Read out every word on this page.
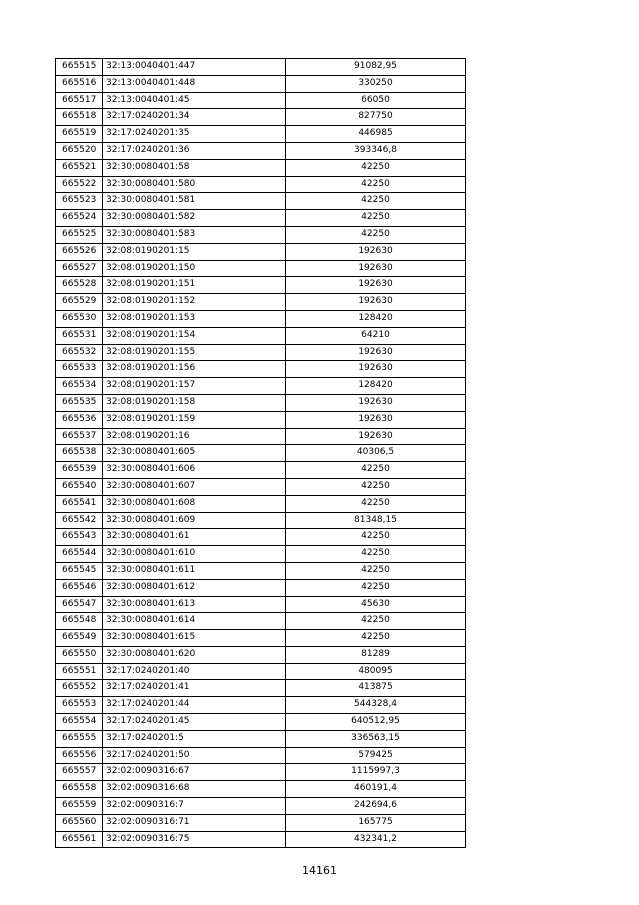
665515	32:13:0040401:447	91082,95
665516	32:13:0040401:448	330250
665517	32:13:0040401:45	66050
665518	32:17:0240201:34	827750
665519	32:17:0240201:35	446985
665520	32:17:0240201:36	393346,8
665521	32:30:0080401:58	42250
665522	32:30:0080401:580	42250
665523	32:30:0080401:581	42250
665524	32:30:0080401:582	42250
665525	32:30:0080401:583	42250
665526	32:08:0190201:15	192630
665527	32:08:0190201:150	192630
665528	32:08:0190201:151	192630
665529	32:08:0190201:152	192630
665530	32:08:0190201:153	128420
665531	32:08:0190201:154	64210
665532	32:08:0190201:155	192630
665533	32:08:0190201:156	192630
665534	32:08:0190201:157	128420
665535	32:08:0190201:158	192630
665536	32:08:0190201:159	192630
665537	32:08:0190201:16	192630
665538	32:30:0080401:605	40306,5
665539	32:30:0080401:606	42250
665540	32:30:0080401:607	42250
665541	32:30:0080401:608	42250
665542	32:30:0080401:609	81348,15
665543	32:30:0080401:61	42250
665544	32:30:0080401:610	42250
665545	32:30:0080401:611	42250
665546	32:30:0080401:612	42250
665547	32:30:0080401:613	45630
665548	32:30:0080401:614	42250
665549	32:30:0080401:615	42250
665550	32:30:0080401:620	81289
665551	32:17:0240201:40	480095
665552	32:17:0240201:41	413875
665553	32:17:0240201:44	544328,4
665554	32:17:0240201:45	640512,95
665555	32:17:0240201:5	336563,15
665556	32:17:0240201:50	579425
665557	32:02:0090316:67	1115997,3
665558	32:02:0090316:68	460191,4
665559	32:02:0090316:7	242694,6
665560	32:02:0090316:71	165775
665561	32:02:0090316:75	432341,2
14161
